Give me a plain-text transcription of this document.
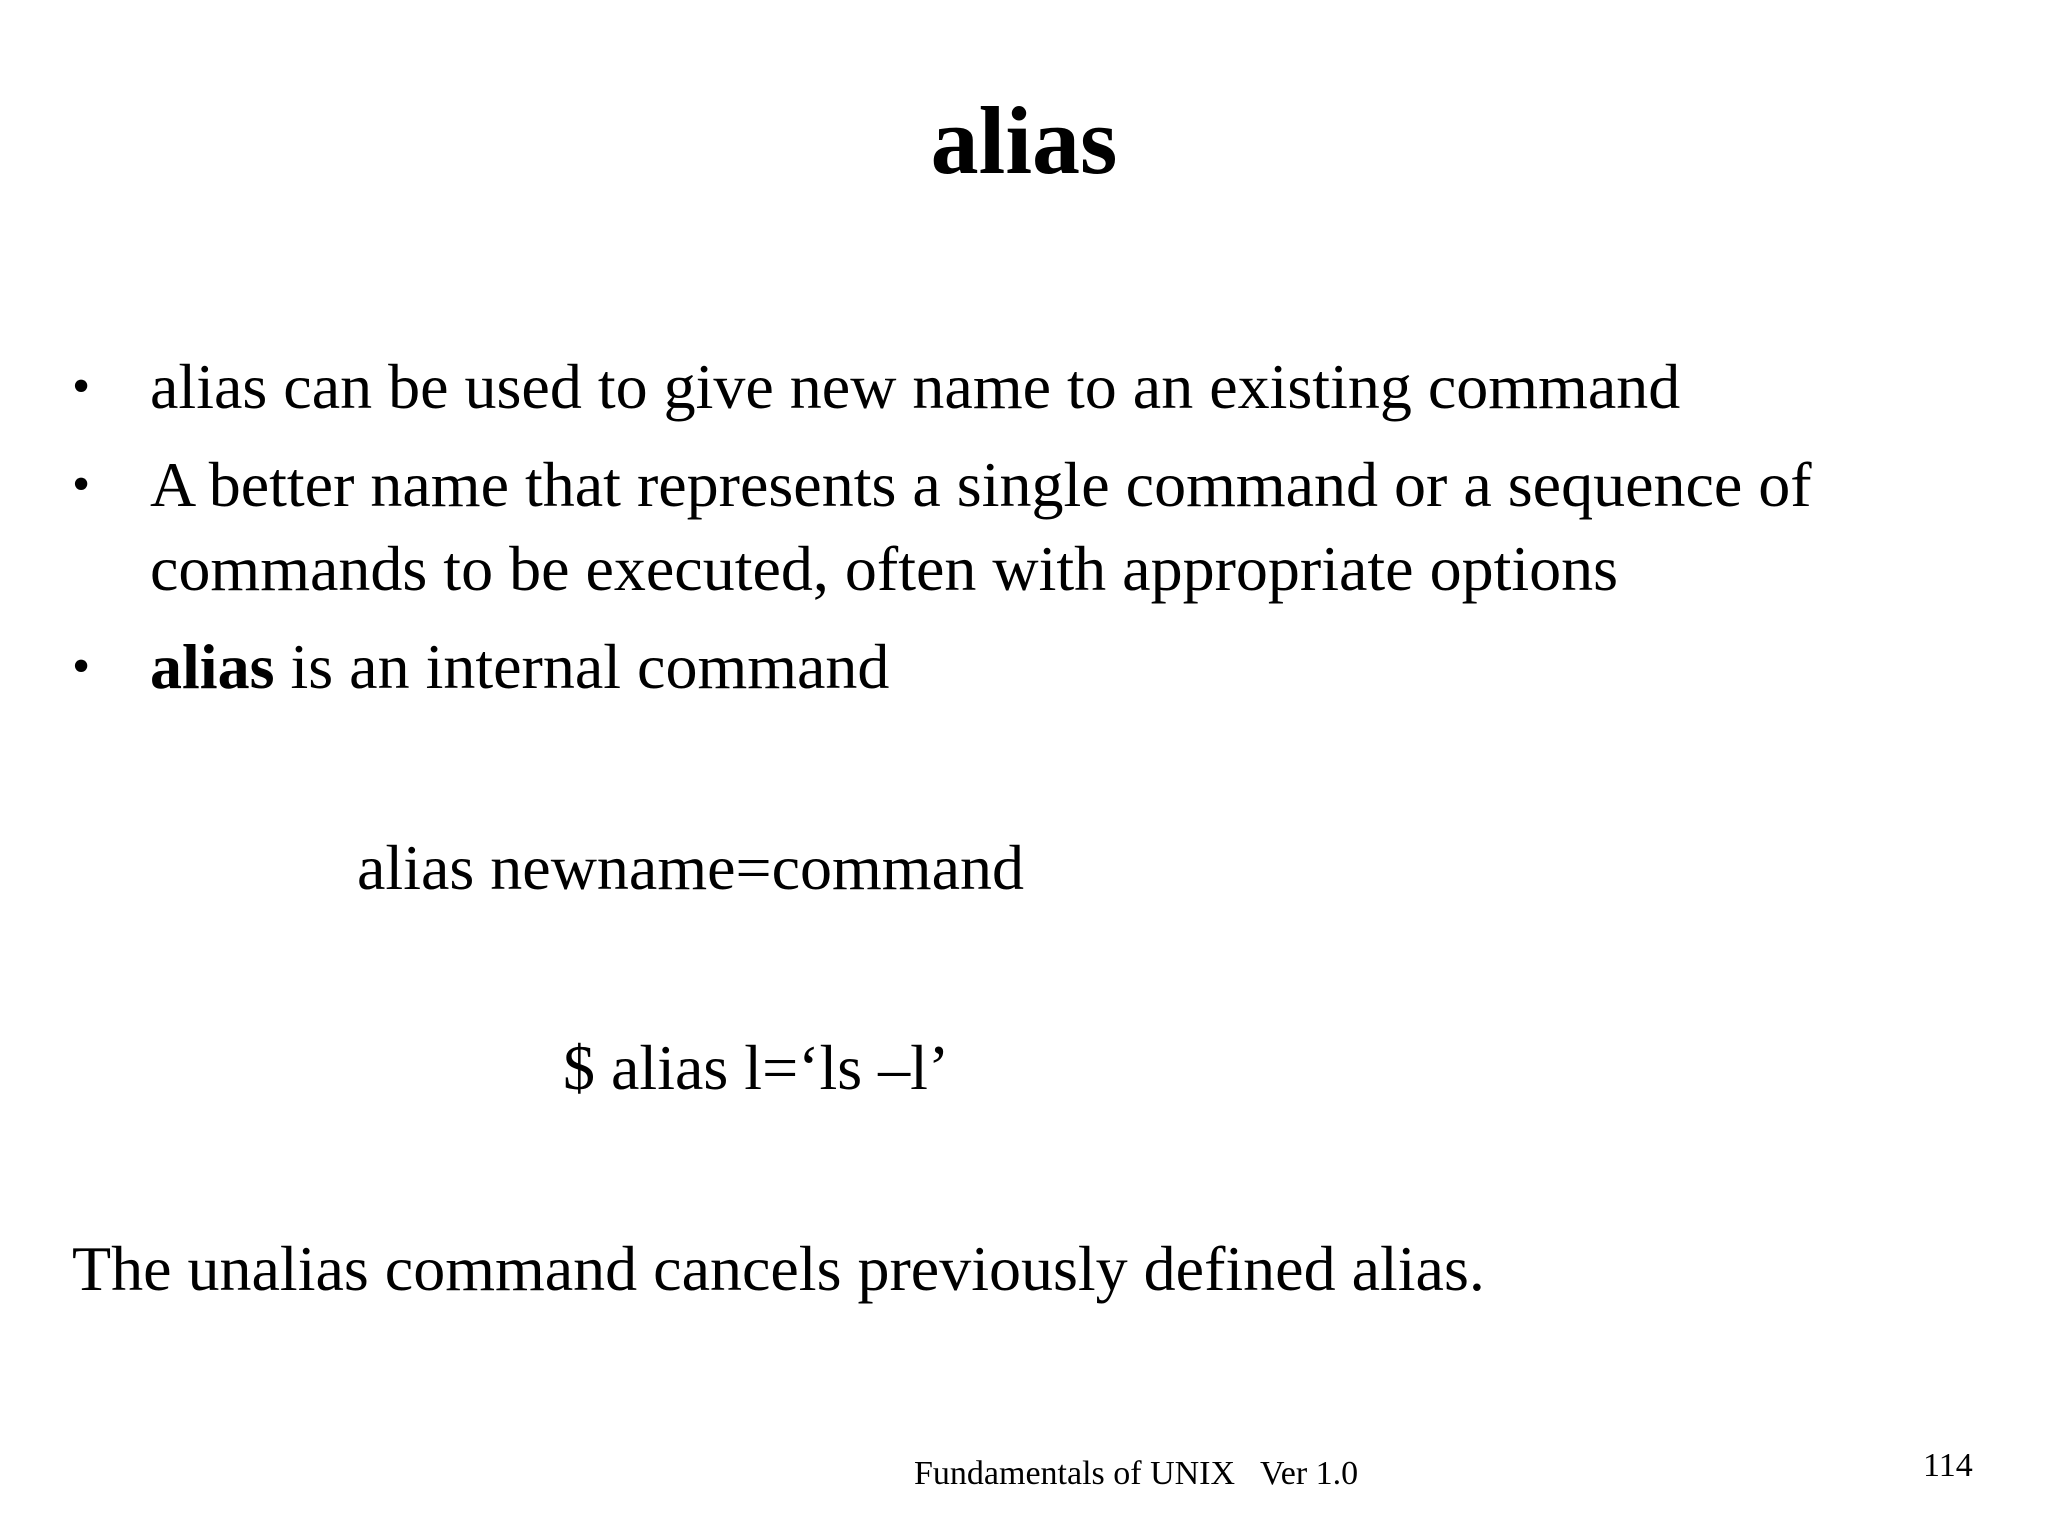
alias
• alias can be used to give new name to an existing command
• A better name that represents a single command or a sequence of commands to be executed, often with appropriate options
• alias is an internal command
alias newname=command
$ alias l=‘ls –l’
The unalias command cancels previously defined alias.
Fundamentals of UNIX   Ver 1.0	114
